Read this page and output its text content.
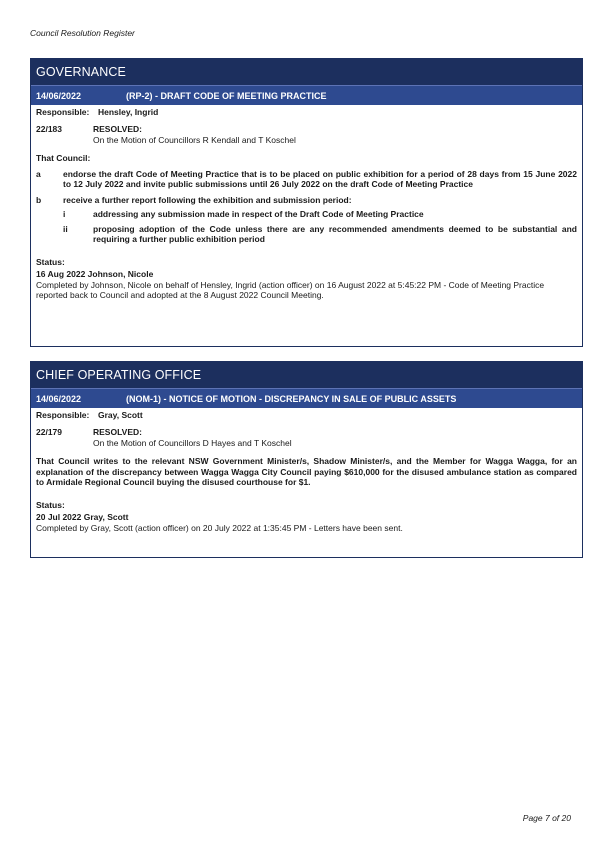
Council Resolution Register
GOVERNANCE
14/06/2022	(RP-2) - DRAFT CODE OF MEETING PRACTICE
Responsible: Hensley, Ingrid
22/183	RESOLVED:
On the Motion of Councillors R Kendall and T Koschel
That Council:
a	endorse the draft Code of Meeting Practice that is to be placed on public exhibition for a period of 28 days from 15 June 2022 to 12 July 2022 and invite public submissions until 26 July 2022 on the draft Code of Meeting Practice
b	receive a further report following the exhibition and submission period:
i	addressing any submission made in respect of the Draft Code of Meeting Practice
ii	proposing adoption of the Code unless there are any recommended amendments deemed to be substantial and requiring a further public exhibition period
Status:
16 Aug 2022 Johnson, Nicole
Completed by Johnson, Nicole on behalf of Hensley, Ingrid (action officer) on 16 August 2022 at 5:45:22 PM - Code of Meeting Practice reported back to Council and adopted at the 8 August 2022 Council Meeting.
CHIEF OPERATING OFFICE
14/06/2022	(NOM-1) - NOTICE OF MOTION - DISCREPANCY IN SALE OF PUBLIC ASSETS
Responsible: Gray, Scott
22/179	RESOLVED:
On the Motion of Councillors D Hayes and T Koschel
That Council writes to the relevant NSW Government Minister/s, Shadow Minister/s, and the Member for Wagga Wagga, for an explanation of the discrepancy between Wagga Wagga City Council paying $610,000 for the disused ambulance station as compared to Armidale Regional Council buying the disused courthouse for $1.
Status:
20 Jul 2022 Gray, Scott
Completed by Gray, Scott (action officer) on 20 July 2022 at 1:35:45 PM - Letters have been sent.
Page 7 of 20
